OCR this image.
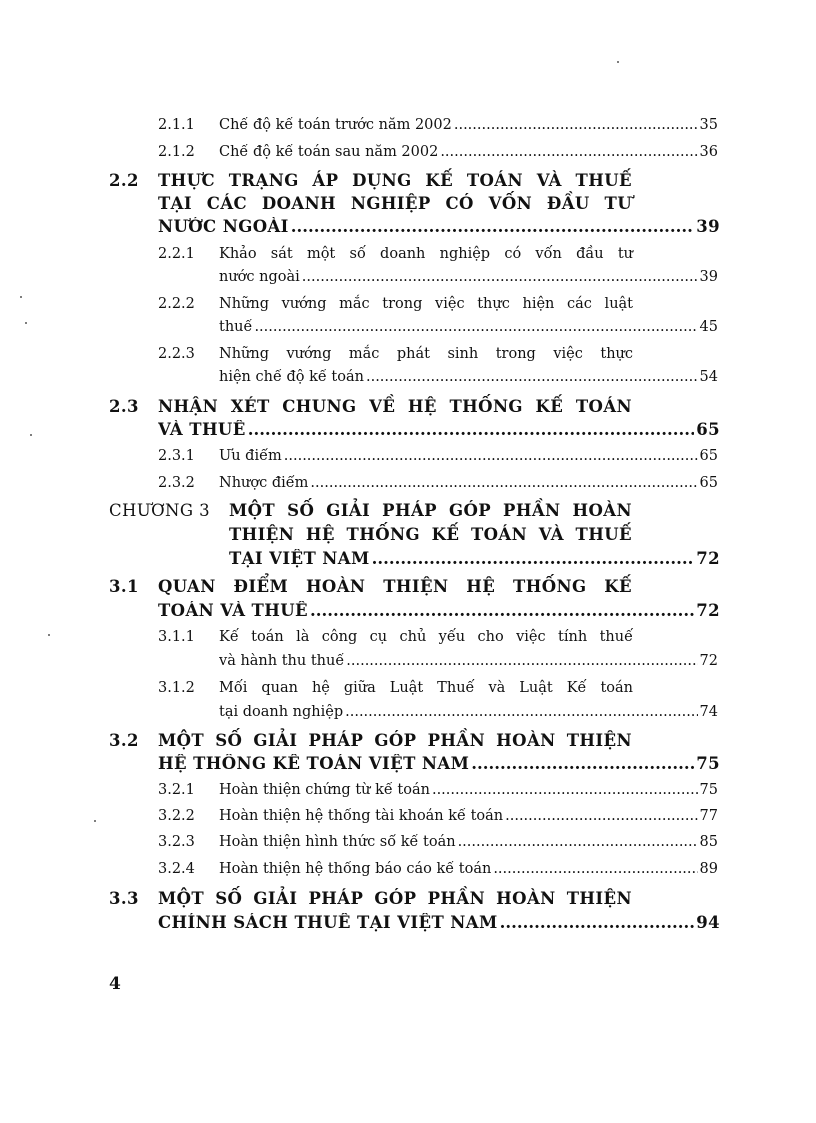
2.1.1 Chế độ kế toán trước năm 2002 .....	35
2.1.2 Chế độ kế toán sau năm 2002 .....	36
2.2 THỰC TRẠNG ÁP DỤNG KẾ TOÁN VÀ THUẾ
TẠI CÁC DOANH NGHIỆP CÓ VỐN ĐẦU TƯ
NƯỚC NGOÀI .....	39
2.2.1 Khảo sát một số doanh nghiệp có vốn đầu tư
nước ngoài .....	39
2.2.2 Những vướng mắc trong việc thực hiện các luật
thuế .....	45
2.2.3 Những vướng mắc phát sinh trong việc thực
hiện chế độ kế toán .....	54
2.3 NHẬN XÉT CHUNG VỀ HỆ THỐNG KẾ TOÁN
VÀ THUẾ .....	65
2.3.1 Ưu điểm .....	65
2.3.2 Nhược điểm .....	65
CHƯƠNG 3 MỘT SỐ GIẢI PHÁP GÓP PHẦN HOÀN
THIỆN HỆ THỐNG KẾ TOÁN VÀ THUẾ
TẠI VIỆT NAM .....	72
3.1 QUAN ĐIỂM HOÀN THIỆN HỆ THỐNG KẾ
TOÁN VÀ THUẾ .....	72
3.1.1 Kế toán là công cụ chủ yếu cho việc tính thuế
và hành thu thuế .....	72
3.1.2 Mối quan hệ giữa Luật Thuế và Luật Kế toán
tại doanh nghiệp .....	74
3.2 MỘT SỐ GIẢI PHÁP GÓP PHẦN HOÀN THIỆN
HỆ THỐNG KẾ TOÁN VIỆT NAM .....	75
3.2.1 Hoàn thiện chứng từ kế toán .....	75
3.2.2 Hoàn thiện hệ thống tài khoản kế toán .....	77
3.2.3 Hoàn thiện hình thức sổ kế toán .....	85
3.2.4 Hoàn thiện hệ thống báo cáo kế toán .....	89
3.3 MỘT SỐ GIẢI PHÁP GÓP PHẦN HOÀN THIỆN
CHÍNH SÁCH THUẾ TẠI VIỆT NAM .....	94
4
